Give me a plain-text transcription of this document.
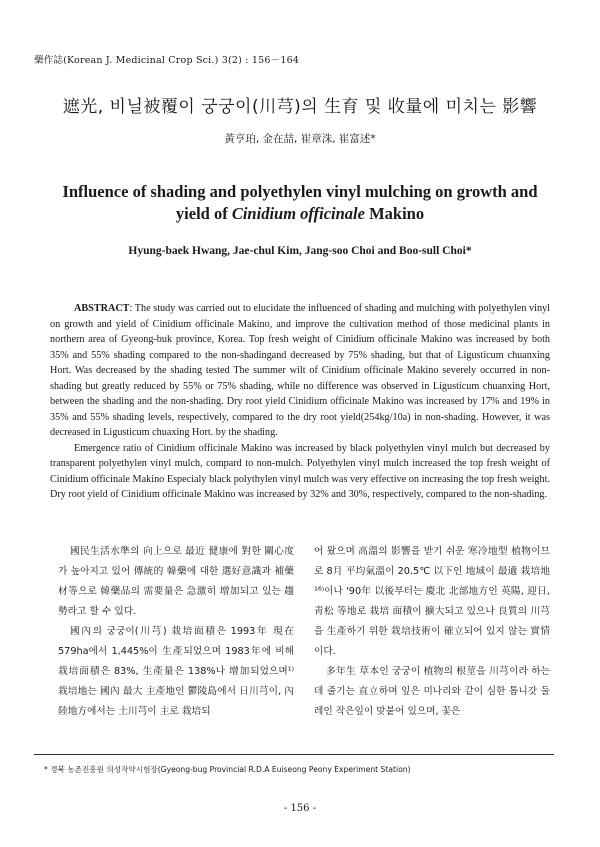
藥作誌(Korean J. Medicinal Crop Sci.) 3(2) : 156－164
遮光, 비닐被覆이 궁궁이(川芎)의 生育 및 收量에 미치는 影響
黃亨珀, 金在喆, 崔章洙, 崔富述*
Influence of shading and polyethylen vinyl mulching on growth and
yield of Cinidium officinale Makino
Hyung-baek Hwang, Jae-chul Kim, Jang-soo Choi and Boo-sull Choi*

ABSTRACT: The study was carried out to elucidate the influenced of shading and mulching with polyethylen vinyl on growth and yield of Cinidium officinale Makino, and improve the cultivation method of those medicinal plants in northern area of Gyeong-buk province, Korea. Top fresh weight of Cinidium officinale Makino was increased by both 35% and 55% shading compared to the non-shadingand decreased by 75% shading, but that of Ligusticum chuanxing Hort. Was decreased by the shading tested The summer wilt of Cinidium officinale Makino severely occurred in non-shading but greatly reduced by 55% or 75% shading, while no difference was observed in Ligusticum chuanxing Hort, between the shading and the non-shading. Dry root yield Cinidium officinale Makino was increased by 17% and 19% in 35% and 55% shading levels, respectively, compared to the dry root yield(254kg/10a) in non-shading. However, it was decreased in Ligusticum chuaxing Hort. by the shading.

Emergence ratio of Cinidium officinale Makino was increased by black polyethylen vinyl mulch but decreased by transparent polyethylen vinyl mulch, compard to non-mulch. Polyethylen vinyl mulch increased the top fresh weight of Cinidium officinale Makino Especialy black polythylen vinyl mulch was very effective on increasing the top fresh weight. Dry root yield of Cinidium officinale Makino was increased by 32% and 30%, respectively, compared to the non-shading.

國民生活水準의 向上으로 最近 健康에 對한 關心度가 높아지고 있어 傳統的 韓藥에 대한 選好意識과 補藥材等으로 韓藥品의 需要量은 急激히 增加되고 있는 趨勢라고 할 수 있다.

國內의 궁궁이(川芎) 栽培面積은 1993年 現在 579ha에서 1,445%이 生產되었으며 1983年에 비해 栽培面積은 83%, 生產量은 138%나 增加되었으며¹⁾ 栽培地는 國內 最大 主產地인 鬱陵島에서 日川芎이, 內陸地方에서는 土川芎이 主로 栽培되

어 왔으며 高溫의 影響을 받기 쉬운 寒冷地型 植物이므로 8月 平均氣溫이 20.5℃ 以下인 地域이 最適 栽培地¹⁶⁾이나 '90年 以後부터는 慶北 北部地方인 英陽, 迎日, 靑松 等地로 栽培 面積이 擴大되고 있으나 良質의 川芎을 生產하기 위한 栽培技術이 確立되어 있지 않는 實情이다.

多年生 草本인 궁궁이 植物의 根莖을 川芎이라 하는데 줄기는 直立하며 잎은 미나리와 같이 심한 톱니갓 둘레인 작은잎이 맞붙어 있으며, 꽃은

* 경북 농촌진흥원 의성작약시험장(Gyeong-bug Provincial R.D.A Euiseong Peony Experiment Station)
- 156 -
